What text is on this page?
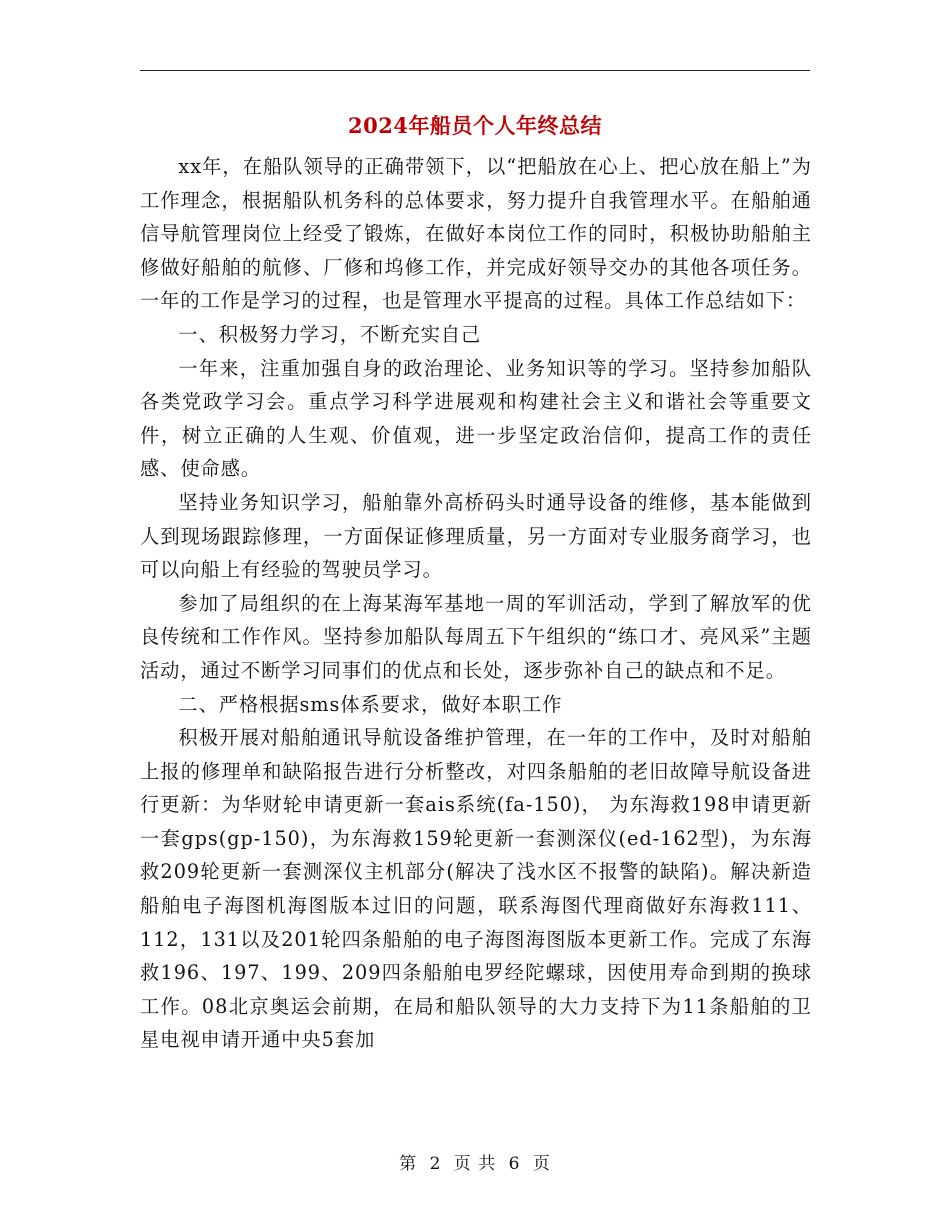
2024年船员个人年终总结

xx年，在船队领导的正确带领下，以“把船放在心上、把心放在船上”为工作理念，根据船队机务科的总体要求，努力提升自我管理水平。在船舶通信导航管理岗位上经受了锻炼，在做好本岗位工作的同时，积极协助船舶主修做好船舶的航修、厂修和坞修工作，并完成好领导交办的其他各项任务。一年的工作是学习的过程，也是管理水平提高的过程。具体工作总结如下：

一、积极努力学习，不断充实自己

一年来，注重加强自身的政治理论、业务知识等的学习。坚持参加船队各类党政学习会。重点学习科学进展观和构建社会主义和谐社会等重要文件，树立正确的人生观、价值观，进一步坚定政治信仰，提高工作的责任感、使命感。

坚持业务知识学习，船舶靠外高桥码头时通导设备的维修，基本能做到人到现场跟踪修理，一方面保证修理质量，另一方面对专业服务商学习，也可以向船上有经验的驾驶员学习。

参加了局组织的在上海某海军基地一周的军训活动，学到了解放军的优良传统和工作作风。坚持参加船队每周五下午组织的“练口才、亮风采”主题活动，通过不断学习同事们的优点和长处，逐步弥补自己的缺点和不足。

二、严格根据sms体系要求，做好本职工作

积极开展对船舶通讯导航设备维护管理，在一年的工作中，及时对船舶上报的修理单和缺陷报告进行分析整改，对四条船舶的老旧故障导航设备进行更新：为华财轮申请更新一套ais系统(fa-150)， 为东海救198申请更新一套gps(gp-150)，为东海救159轮更新一套测深仪(ed-162型)，为东海救209轮更新一套测深仪主机部分(解决了浅水区不报警的缺陷)。解决新造船舶电子海图机海图版本过旧的问题，联系海图代理商做好东海救111、112，131以及201轮四条船舶的电子海图海图版本更新工作。完成了东海救196、197、199、209四条船舶电罗经陀螺球，因使用寿命到期的换球工作。08北京奥运会前期，在局和船队领导的大力支持下为11条船舶的卫星电视申请开通中央5套加

第 2 页 共 6 页
